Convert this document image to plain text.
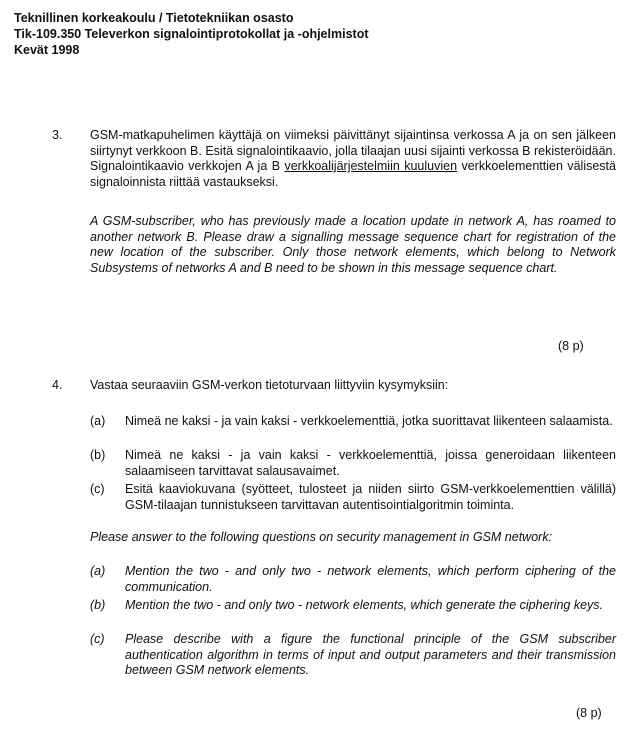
Teknillinen korkeakoulu / Tietotekniikan osasto
Tik-109.350 Televerkon signalointiprotokollat ja -ohjelmistot
Kevät 1998
3. GSM-matkapuhelimen käyttäjä on viimeksi päivittänyt sijaintinsa verkossa A ja on sen jälkeen siirtynyt verkkoon B. Esitä signalointikaavio, jolla tilaajan uusi sijainti verkossa B rekisteröidään. Signalointikaavio verkkojen A ja B verkkoalijärjestelmiin kuuluvien verkkoelementtien välisestä signaloinnista riittää vastaukseksi.
A GSM-subscriber, who has previously made a location update in network A, has roamed to another network B. Please draw a signalling message sequence chart for registration of the new location of the subscriber. Only those network elements, which belong to Network Subsystems of networks A and B need to be shown in this message sequence chart.
(8 p)
4. Vastaa seuraaviin GSM-verkon tietoturvaan liittyviin kysymyksiin:
(a) Nimeä ne kaksi - ja vain kaksi - verkkoelementtiä, jotka suorittavat liikenteen salaamista.
(b) Nimeä ne kaksi - ja vain kaksi - verkkoelementtiä, joissa generoidaan liikenteen salaamiseen tarvittavat salausavaimet.
(c) Esitä kaaviokuvana (syötteet, tulosteet ja niiden siirto GSM-verkkoelementtien välillä) GSM-tilaajan tunnistukseen tarvittavan autentisointialgoritmin toiminta.
Please answer to the following questions on security management in GSM network:
(a) Mention the two - and only two - network elements, which perform ciphering of the communication.
(b) Mention the two - and only two - network elements, which generate the ciphering keys.
(c) Please describe with a figure the functional principle of the GSM subscriber authentication algorithm in terms of input and output parameters and their transmission between GSM network elements.
(8 p)
